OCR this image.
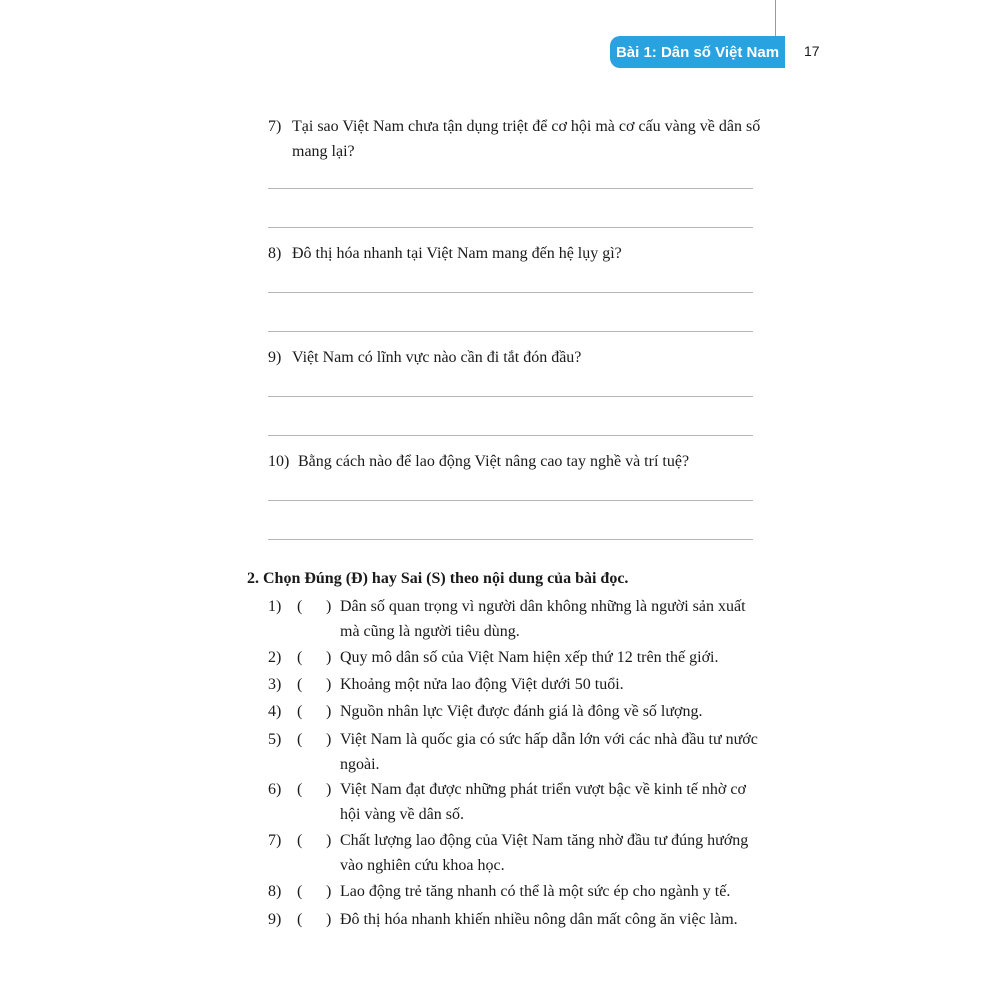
Bài 1: Dân số Việt Nam	17
7) Tại sao Việt Nam chưa tận dụng triệt để cơ hội mà cơ cấu vàng về dân số mang lại?
8) Đô thị hóa nhanh tại Việt Nam mang đến hệ lụy gì?
9) Việt Nam có lĩnh vực nào cần đi tắt đón đầu?
10) Bằng cách nào để lao động Việt nâng cao tay nghề và trí tuệ?
2. Chọn Đúng (Đ) hay Sai (S) theo nội dung của bài đọc.
1) ( ) Dân số quan trọng vì người dân không những là người sản xuất mà cũng là người tiêu dùng.
2) ( ) Quy mô dân số của Việt Nam hiện xếp thứ 12 trên thế giới.
3) ( ) Khoảng một nửa lao động Việt dưới 50 tuổi.
4) ( ) Nguồn nhân lực Việt được đánh giá là đông về số lượng.
5) ( ) Việt Nam là quốc gia có sức hấp dẫn lớn với các nhà đầu tư nước ngoài.
6) ( ) Việt Nam đạt được những phát triển vượt bậc về kinh tế nhờ cơ hội vàng về dân số.
7) ( ) Chất lượng lao động của Việt Nam tăng nhờ đầu tư đúng hướng vào nghiên cứu khoa học.
8) ( ) Lao động trẻ tăng nhanh có thể là một sức ép cho ngành y tế.
9) ( ) Đô thị hóa nhanh khiến nhiều nông dân mất công ăn việc làm.
